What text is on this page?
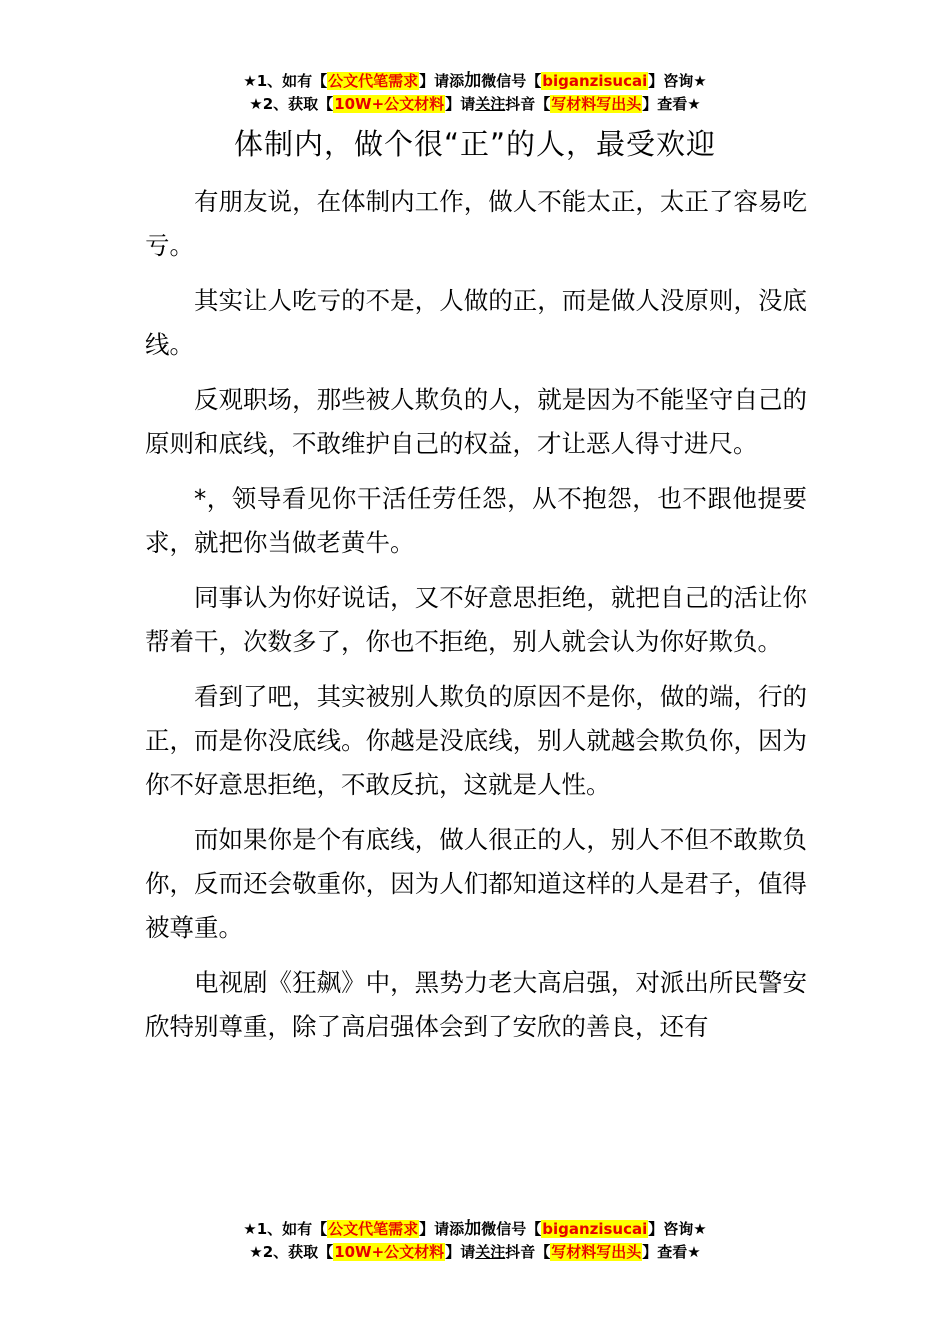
★1、如有【公文代笔需求】请添加微信号【biganzisucai】咨询★
★2、获取【10W+公文材料】请关注抖音【写材料写出头】查看★
体制内，做个很“正”的人，最受欢迎

有朋友说，在体制内工作，做人不能太正，太正了容易吃亏。

其实让人吃亏的不是，人做的正，而是做人没原则，没底线。

反观职场，那些被人欺负的人，就是因为不能坚守自己的原则和底线，不敢维护自己的权益，才让恶人得寸进尺。

*，领导看见你干活任劳任怨，从不抱怨，也不跟他提要求，就把你当做老黄牛。

同事认为你好说话，又不好意思拒绝，就把自己的活让你帮着干，次数多了，你也不拒绝，别人就会认为你好欺负。

看到了吧，其实被别人欺负的原因不是你，做的端，行的正，而是你没底线。你越是没底线，别人就越会欺负你，因为你不好意思拒绝，不敢反抗，这就是人性。

而如果你是个有底线，做人很正的人，别人不但不敢欺负你，反而还会敬重你，因为人们都知道这样的人是君子，值得被尊重。

电视剧《狂飙》中，黑势力老大高启强，对派出所民警安欣特别尊重，除了高启强体会到了安欣的善良，还有

★1、如有【公文代笔需求】请添加微信号【biganzisucai】咨询★
★2、获取【10W+公文材料】请关注抖音【写材料写出头】查看★
